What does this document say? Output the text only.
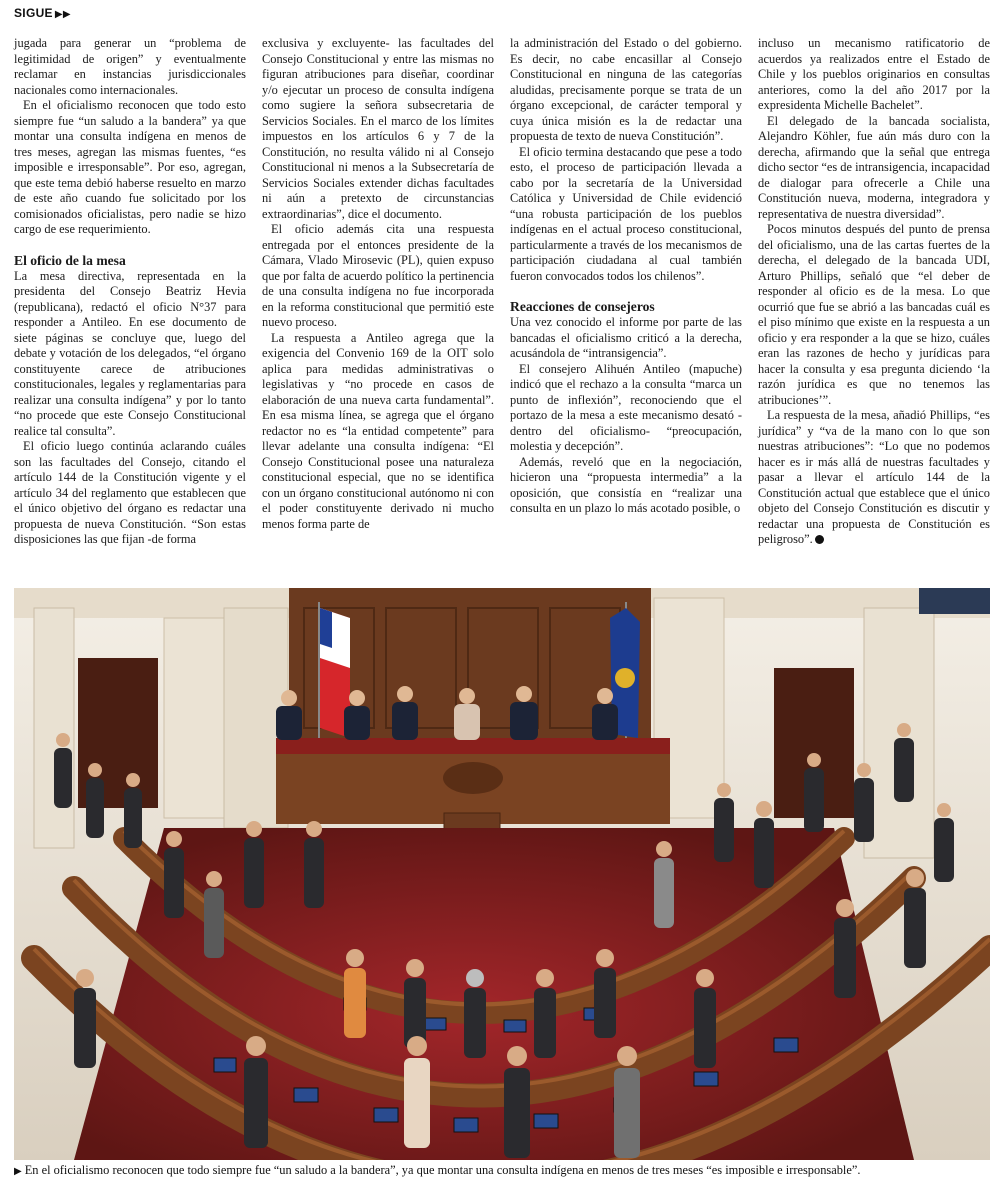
SIGUE ▶▶

jugada para generar un “problema de legitimidad de origen” y eventualmente reclamar en instancias jurisdiccionales nacionales como internacionales.

En el oficialismo reconocen que todo esto siempre fue “un saludo a la bandera” ya que montar una consulta indígena en menos de tres meses, agregan las mismas fuentes, “es imposible e irresponsable”. Por eso, agregan, que este tema debió haberse resuelto en marzo de este año cuando fue solicitado por los comisionados oficialistas, pero nadie se hizo cargo de ese requerimiento.

El oficio de la mesa

La mesa directiva, representada en la presidenta del Consejo Beatriz Hevia (republicana), redactó el oficio N°37 para responder a Antileo. En ese documento de siete páginas se concluye que, luego del debate y votación de los delegados, “el órgano constituyente carece de atribuciones constitucionales, legales y reglamentarias para realizar una consulta indígena” y por lo tanto “no procede que este Consejo Constitucional realice tal consulta”.

El oficio luego continúa aclarando cuáles son las facultades del Consejo, citando el artículo 144 de la Constitución vigente y el artículo 34 del reglamento que establecen que el único objetivo del órgano es redactar una propuesta de nueva Constitución. “Son estas disposiciones las que fijan -de forma

exclusiva y excluyente- las facultades del Consejo Constitucional y entre las mismas no figuran atribuciones para diseñar, coordinar y/o ejecutar un proceso de consulta indígena como sugiere la señora subsecretaria de Servicios Sociales. En el marco de los límites impuestos en los artículos 6 y 7 de la Constitución, no resulta válido ni al Consejo Constitucional ni menos a la Subsecretaría de Servicios Sociales extender dichas facultades ni aún a pretexto de circunstancias extraordinarias”, dice el documento.

El oficio además cita una respuesta entregada por el entonces presidente de la Cámara, Vlado Mirosevic (PL), quien expuso que por falta de acuerdo político la pertinencia de una consulta indígena no fue incorporada en la reforma constitucional que permitió este nuevo proceso.

La respuesta a Antileo agrega que la exigencia del Convenio 169 de la OIT solo aplica para medidas administrativas o legislativas y “no procede en casos de elaboración de una nueva carta fundamental”. En esa misma línea, se agrega que el órgano redactor no es “la entidad competente” para llevar adelante una consulta indígena: “El Consejo Constitucional posee una naturaleza constitucional especial, que no se identifica con un órgano constitucional autónomo ni con el poder constituyente derivado ni mucho menos forma parte de

la administración del Estado o del gobierno. Es decir, no cabe encasillar al Consejo Constitucional en ninguna de las categorías aludidas, precisamente porque se trata de un órgano excepcional, de carácter temporal y cuya única misión es la de redactar una propuesta de texto de nueva Constitución”.

El oficio termina destacando que pese a todo esto, el proceso de participación llevada a cabo por la secretaría de la Universidad Católica y Universidad de Chile evidenció “una robusta participación de los pueblos indígenas en el actual proceso constitucional, particularmente a través de los mecanismos de participación ciudadana al cual también fueron convocados todos los chilenos”.

Reacciones de consejeros

Una vez conocido el informe por parte de las bancadas el oficialismo criticó a la derecha, acusándola de “intransigencia”.

El consejero Alihuén Antileo (mapuche) indicó que el rechazo a la consulta “marca un punto de inflexión”, reconociendo que el portazo de la mesa a este mecanismo desató -dentro del oficialismo- “preocupación, molestia y decepción”.

Además, reveló que en la negociación, hicieron una “propuesta intermedia” a la oposición, que consistía en “realizar una consulta en un plazo lo más acotado posible, o

incluso un mecanismo ratificatorio de acuerdos ya realizados entre el Estado de Chile y los pueblos originarios en consultas anteriores, como la del año 2017 por la expresidenta Michelle Bachelet”.

El delegado de la bancada socialista, Alejandro Köhler, fue aún más duro con la derecha, afirmando que la señal que entrega dicho sector “es de intransigencia, incapacidad de dialogar para ofrecerle a Chile una Constitución nueva, moderna, integradora y representativa de nuestra diversidad”.

Pocos minutos después del punto de prensa del oficialismo, una de las cartas fuertes de la derecha, el delegado de la bancada UDI, Arturo Phillips, señaló que “el deber de responder al oficio es de la mesa. Lo que ocurrió que fue se abrió a las bancadas cuál es el piso mínimo que existe en la respuesta a un oficio y era responder a la que se hizo, cuáles eran las razones de hecho y jurídicas para hacer la consulta y esa pregunta diciendo ‘la razón jurídica es que no tenemos las atribuciones’”.

La respuesta de la mesa, añadió Phillips, “es jurídica” y “va de la mano con lo que son nuestras atribuciones”: “Lo que no podemos hacer es ir más allá de nuestras facultades y pasar a llevar el artículo 144 de la Constitución actual que establece que el único objeto del Consejo Constitución es discutir y redactar una propuesta de Constitución es peligroso”.

▶ En el oficialismo reconocen que todo siempre fue “un saludo a la bandera”, ya que montar una consulta indígena en menos de tres meses “es imposible e irresponsable”.
